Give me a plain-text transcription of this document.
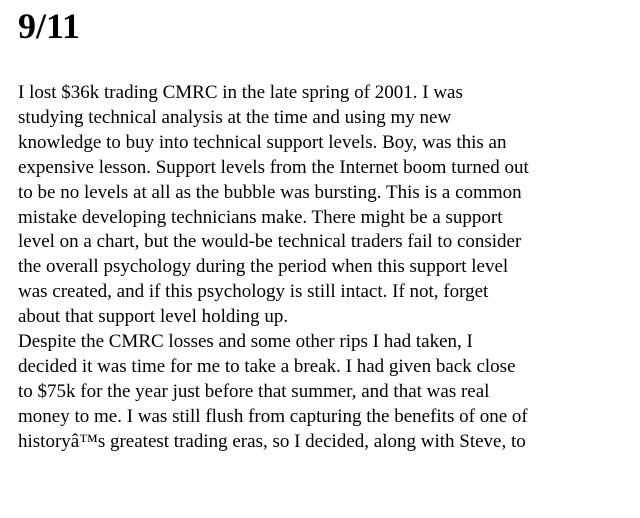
9/11

I lost $36k trading CMRC in the late spring of 2001. I was
studying technical analysis at the time and using my new
knowledge to buy into technical support levels. Boy, was this an
expensive lesson. Support levels from the Internet boom turned out
to be no levels at all as the bubble was bursting. This is a common
mistake developing technicians make. There might be a support
level on a chart, but the would-be technical traders fail to consider
the overall psychology during the period when this support level
was created, and if this psychology is still intact. If not, forget
about that support level holding up.

Despite the CMRC losses and some other rips I had taken, I
decided it was time for me to take a break. I had given back close
to $75k for the year just before that summer, and that was real
money to me. I was still flush from capturing the benefits of one of
historyâ™s greatest trading eras, so I decided, along with Steve, to
